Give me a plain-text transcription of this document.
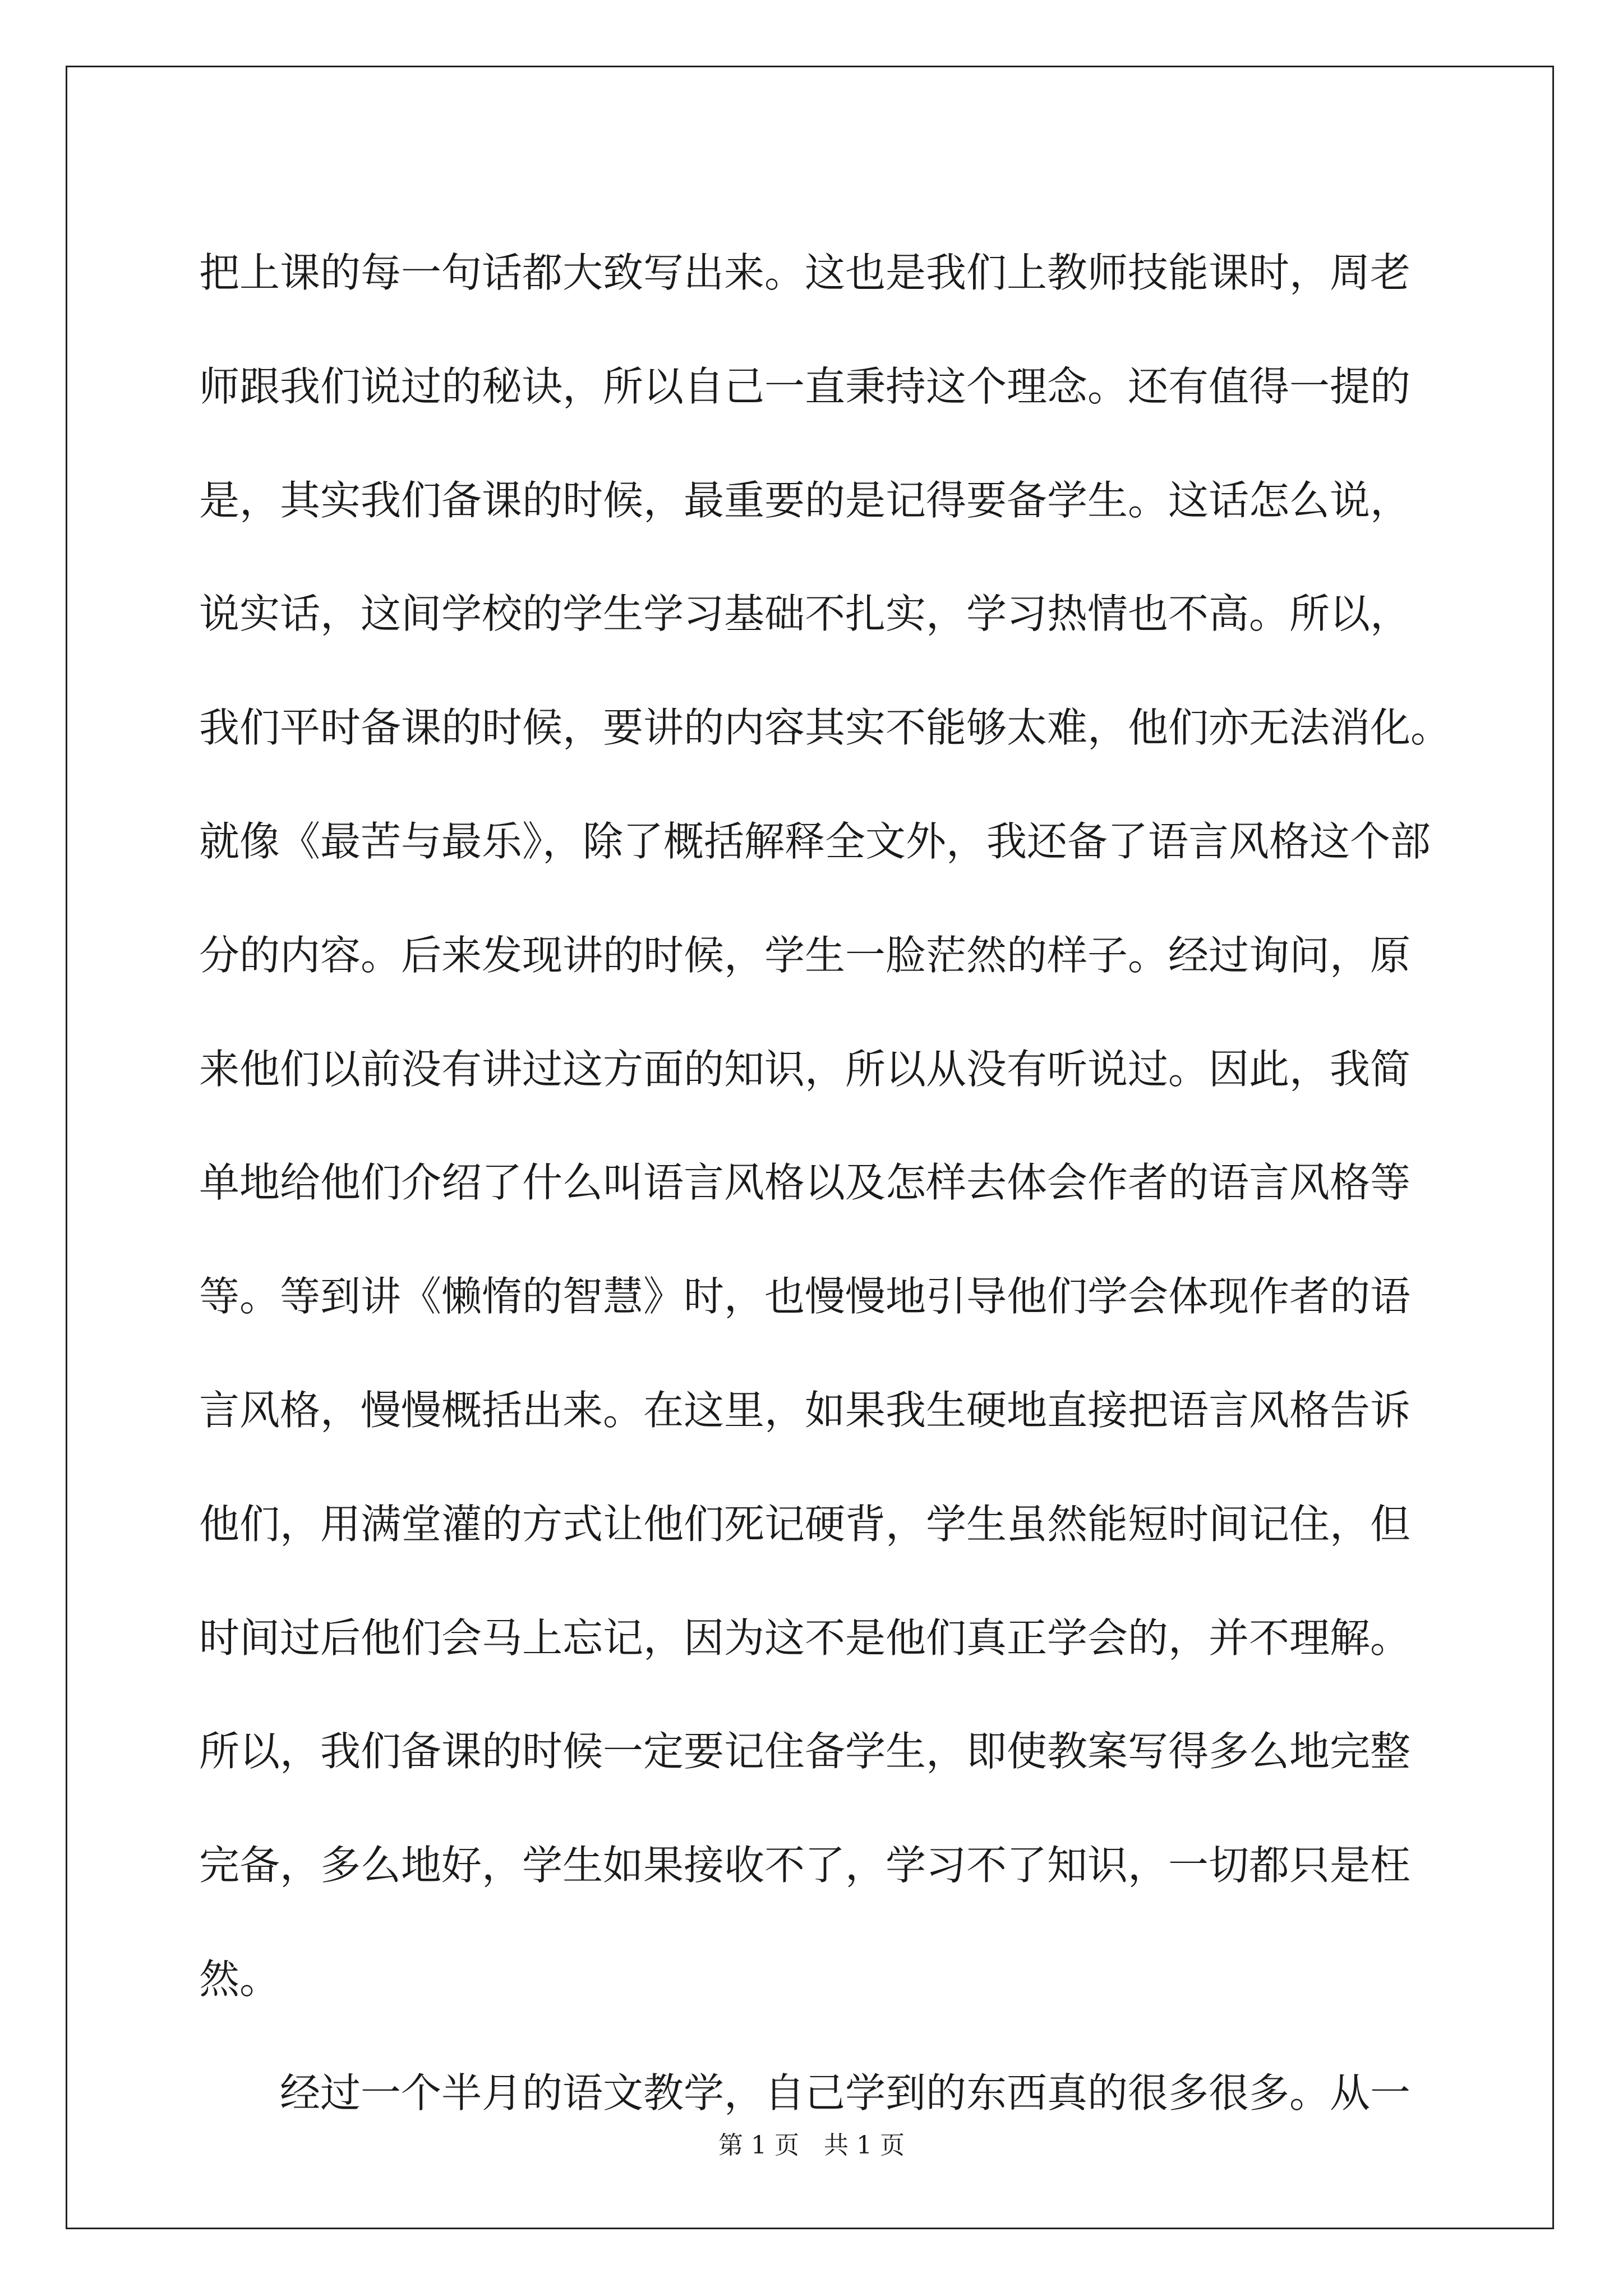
把上课的每一句话都大致写出来。这也是我们上教师技能课时，周老
师跟我们说过的秘诀，所以自己一直秉持这个理念。还有值得一提的
是，其实我们备课的时候，最重要的是记得要备学生。这话怎么说，
说实话，这间学校的学生学习基础不扎实，学习热情也不高。所以，
我们平时备课的时候，要讲的内容其实不能够太难，他们亦无法消化。
就像《最苦与最乐》，除了概括解释全文外，我还备了语言风格这个部
分的内容。后来发现讲的时候，学生一脸茫然的样子。经过询问，原
来他们以前没有讲过这方面的知识，所以从没有听说过。因此，我简
单地给他们介绍了什么叫语言风格以及怎样去体会作者的语言风格等
等。等到讲《懒惰的智慧》时，也慢慢地引导他们学会体现作者的语
言风格，慢慢概括出来。在这里，如果我生硬地直接把语言风格告诉
他们，用满堂灌的方式让他们死记硬背，学生虽然能短时间记住，但
时间过后他们会马上忘记，因为这不是他们真正学会的，并不理解。
所以，我们备课的时候一定要记住备学生，即使教案写得多么地完整
完备，多么地好，学生如果接收不了，学习不了知识，一切都只是枉
然。
经过一个半月的语文教学，自己学到的东西真的很多很多。从一
第 1 页　共 1 页
